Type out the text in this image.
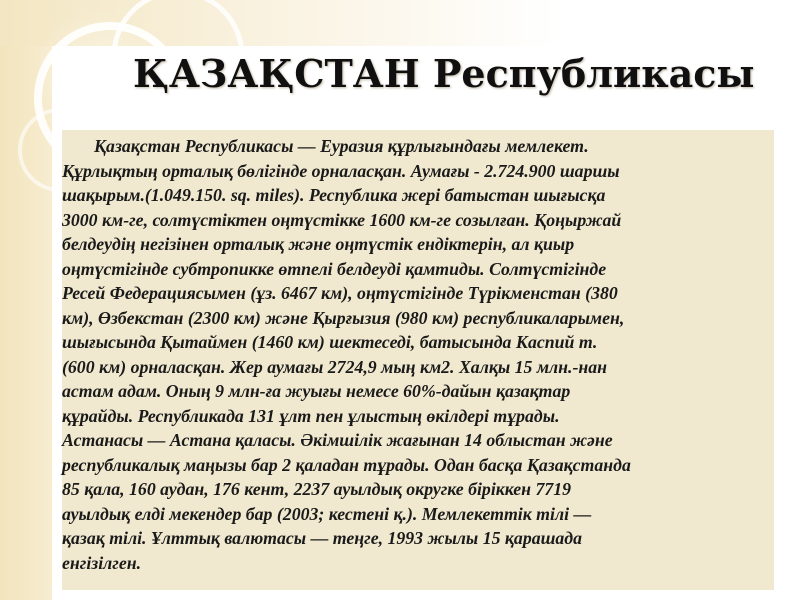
ҚАЗАҚСТАН Республикасы

Қазақстан Республикасы — Еуразия құрлығындағы мемлекет.
Құрлықтың орталық бөлігінде орналасқан. Аумағы - 2.724.900 шаршы
шақырым.(1.049.150. sq. miles). Республика жері батыстан шығысқа
3000 км-ге, солтүстіктен оңтүстікке 1600 км-ге созылған. Қоңыржай
белдеудің негізінен орталық және оңтүстік ендіктерін, ал қиыр
оңтүстігінде субтропикке өтпелі белдеуді қамтиды. Солтүстігінде
Ресей Федерациясымен (ұз. 6467 км), оңтүстігінде Түрікменстан (380
км), Өзбекстан (2300 км) және Қырғызия (980 км) республикаларымен,
шығысында Қытаймен (1460 км) шектеседі, батысында Каспий т.
(600 км) орналасқан. Жер аумағы 2724,9 мың км2. Халқы 15 млн.-нан
астам адам. Оның 9 млн-ға жуығы немесе 60%-дайын қазақтар
құрайды. Республикада 131 ұлт пен ұлыстың өкілдері тұрады.
Астанасы — Астана қаласы. Әкімшілік жағынан 14 облыстан және
республикалық маңызы бар 2 қаладан тұрады. Одан басқа Қазақстанда
85 қала, 160 аудан, 176 кент, 2237 ауылдық округке біріккен 7719
ауылдық елді мекендер бар (2003; кестені қ.). Мемлекеттік тілі —
қазақ тілі. Ұлттық валютасы — теңге, 1993 жылы 15 қарашада
енгізілген.
